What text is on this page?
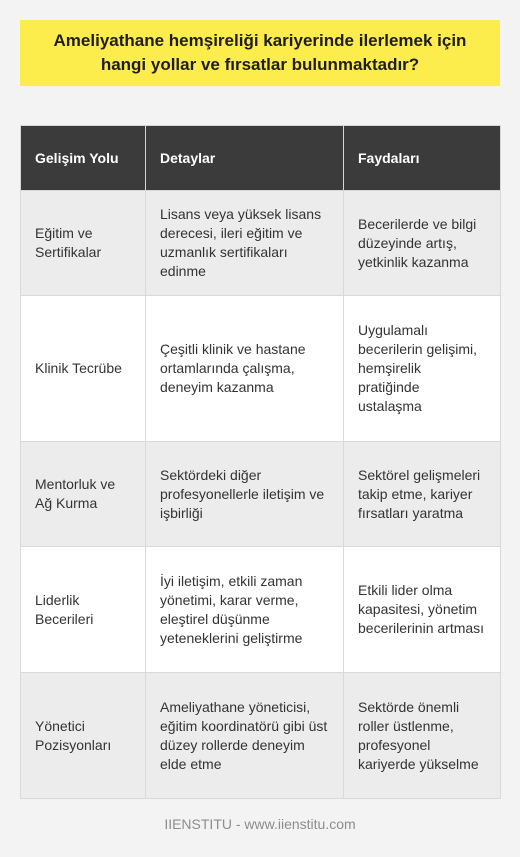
Ameliyathane hemşireliği kariyerinde ilerlemek için hangi yollar ve fırsatlar bulunmaktadır?
Gelişim Yolu	Detaylar	Faydaları
Eğitim ve Sertifikalar	Lisans veya yüksek lisans derecesi, ileri eğitim ve uzmanlık sertifikaları edinme	Becerilerde ve bilgi düzeyinde artış, yetkinlik kazanma
Klinik Tecrübe	Çeşitli klinik ve hastane ortamlarında çalışma, deneyim kazanma	Uygulamalı becerilerin gelişimi, hemşirelik pratiğinde ustalaşma
Mentorluk ve Ağ Kurma	Sektördeki diğer profesyonellerle iletişim ve işbirliği	Sektörel gelişmeleri takip etme, kariyer fırsatları yaratma
Liderlik Becerileri	İyi iletişim, etkili zaman yönetimi, karar verme, eleştirel düşünme yeteneklerini geliştirme	Etkili lider olma kapasitesi, yönetim becerilerinin artması
Yönetici Pozisyonları	Ameliyathane yöneticisi, eğitim koordinatörü gibi üst düzey rollerde deneyim elde etme	Sektörde önemli roller üstlenme, profesyonel kariyerde yükselme
IIENSTITU - www.iienstitu.com
